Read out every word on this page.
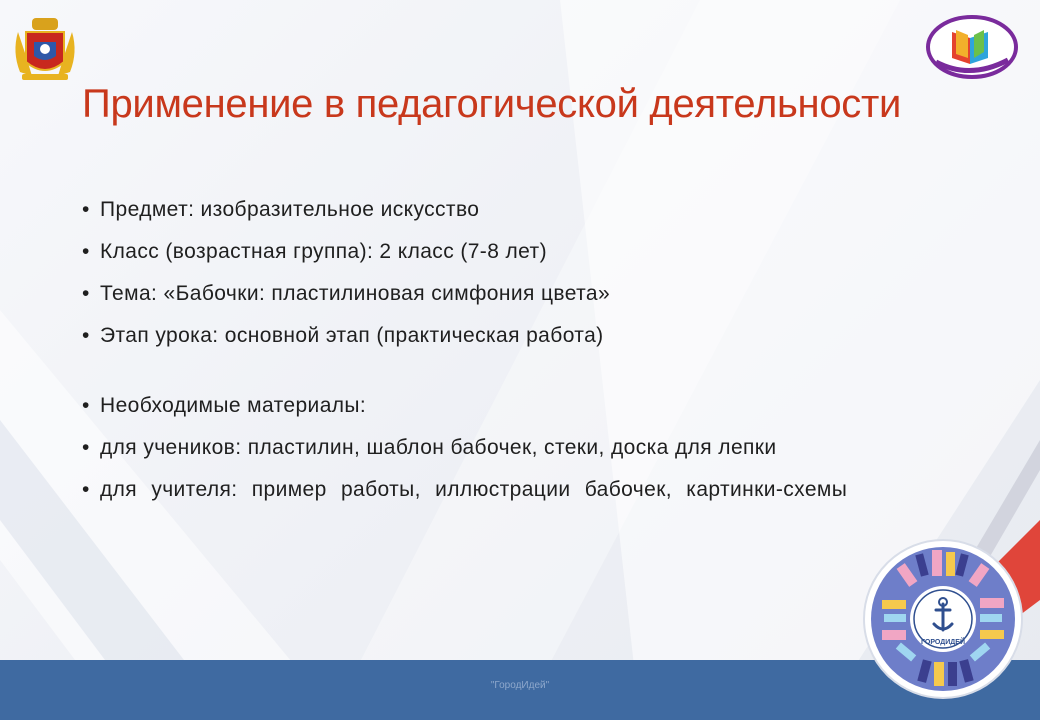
Применение в педагогической деятельности
• Предмет: изобразительное искусство
• Класс (возрастная группа): 2 класс (7-8 лет)
• Тема: «Бабочки: пластилиновая симфония цвета»
• Этап урока: основной этап (практическая работа)
• Необходимые материалы:
• для учеников: пластилин, шаблон бабочек, стеки, доска для лепки
• для учителя: пример работы, иллюстрации бабочек, картинки-схемы
"ГородИдей"
ГОРОДИДЕЙ
